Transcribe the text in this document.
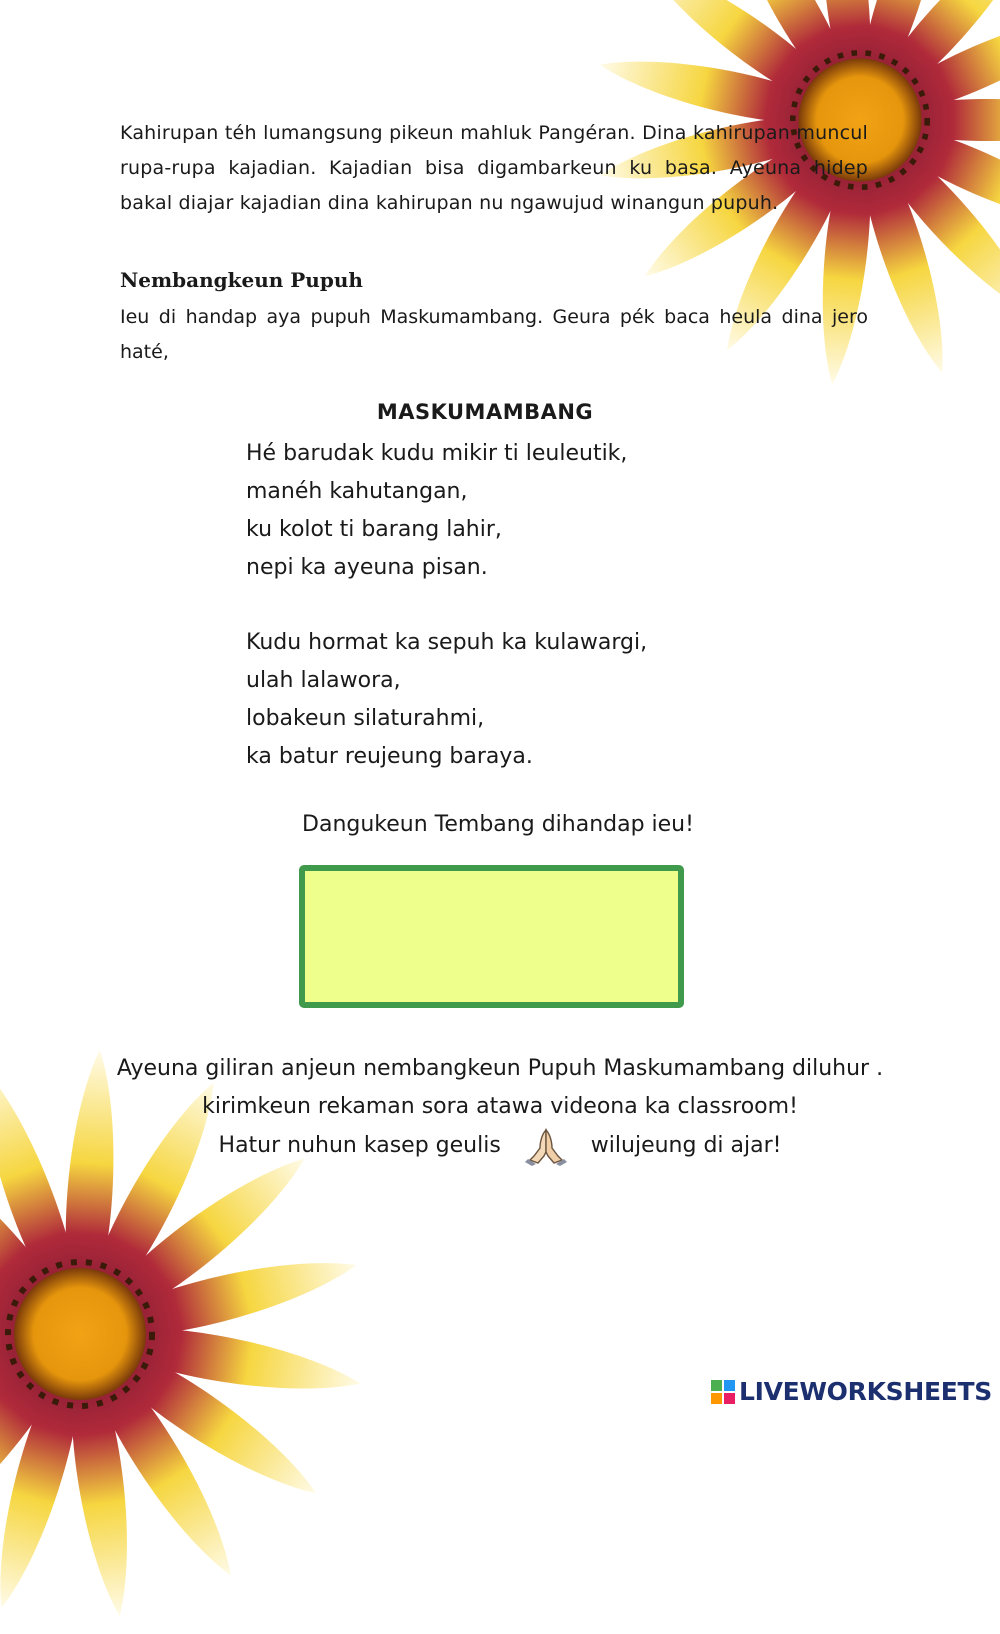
Kahirupan téh lumangsung pikeun mahluk Pangéran. Dina kahirupan muncul rupa-rupa kajadian. Kajadian bisa digambarkeun ku basa. Ayeuna hidep bakal diajar kajadian dina kahirupan nu ngawujud winangun pupuh.

Nembangkeun Pupuh

Ieu di handap aya pupuh Maskumambang. Geura pék baca heula dina jero haté,

MASKUMAMBANG
Hé barudak kudu mikir ti leuleutik,
manéh kahutangan,
ku kolot ti barang lahir,
nepi ka ayeuna pisan.
Kudu hormat ka sepuh ka kulawargi,
ulah lalawora,
lobakeun silaturahmi,
ka batur reujeung baraya.

Dangukeun Tembang dihandap ieu!

Ayeuna giliran anjeun nembangkeun Pupuh Maskumambang diluhur .
kirimkeun rekaman sora atawa videona ka classroom!
Hatur nuhun kasep geulis	wilujeung di ajar!
LIVEWORKSHEETS
